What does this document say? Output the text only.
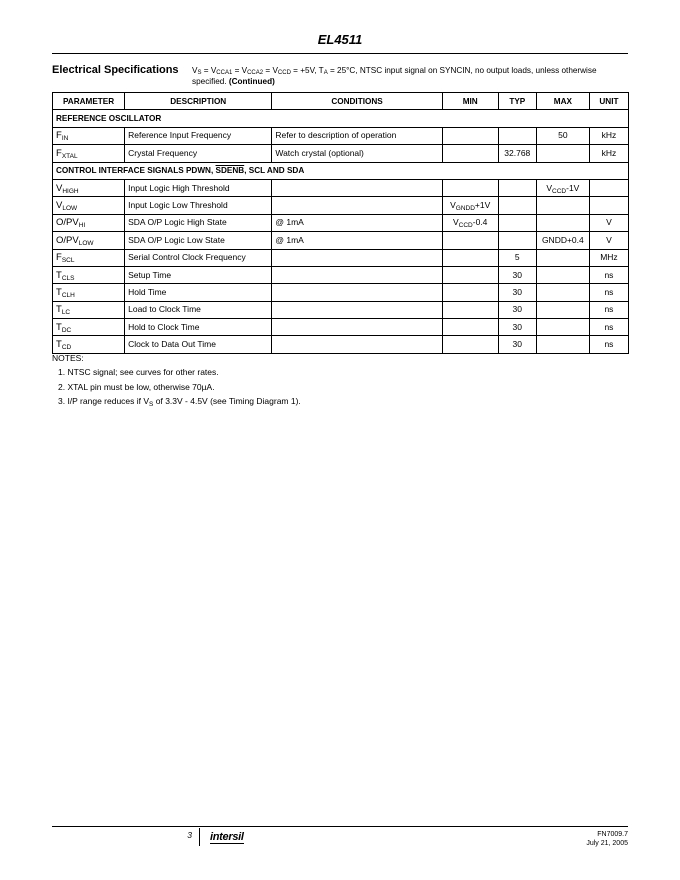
EL4511
Electrical Specifications $V_S = V_{CCA1} = V_{CCA2} = V_{CCD} = +5V$, $T_A = 25^\circ C$, NTSC input signal on SYNCIN, no output loads, unless otherwise specified. (Continued)
PARAMETER	DESCRIPTION	CONDITIONS	MIN	TYP	MAX	UNIT
REFERENCE OSCILLATOR						
$F_{IN}$	Reference Input Frequency	Refer to description of operation			50	kHz
$F_{XTAL}$	Crystal Frequency	Watch crystal (optional)		32.768		kHz
CONTROL INTERFACE SIGNALS PDWN, SDENB, SCL AND SDA						
$V_{HIGH}$	Input Logic High Threshold				$V_{CCD}-1V$	
$V_{LOW}$	Input Logic Low Threshold		$V_{GNDD}+1V$			
$O/PV_{HI}$	SDA O/P Logic High State	@ 1mA	$V_{CCD}-0.4$			V
$O/PV_{LOW}$	SDA O/P Logic Low State	@ 1mA			GNDD+0.4	V
$F_{SCL}$	Serial Control Clock Frequency			5		MHz
$T_{CLS}$	Setup Time			30		ns
$T_{CLH}$	Hold Time			30		ns
$T_{LC}$	Load to Clock Time			30		ns
$T_{DC}$	Hold to Clock Time			30		ns
$T_{CD}$	Clock to Data Out Time			30		ns
NOTES:
1. NTSC signal; see curves for other rates.
2. XTAL pin must be low, otherwise 70µA.
3. I/P range reduces if $V_S$ of 3.3V - 4.5V (see Timing Diagram 1).
3 intersil	FN7009.7
July 21, 2005
